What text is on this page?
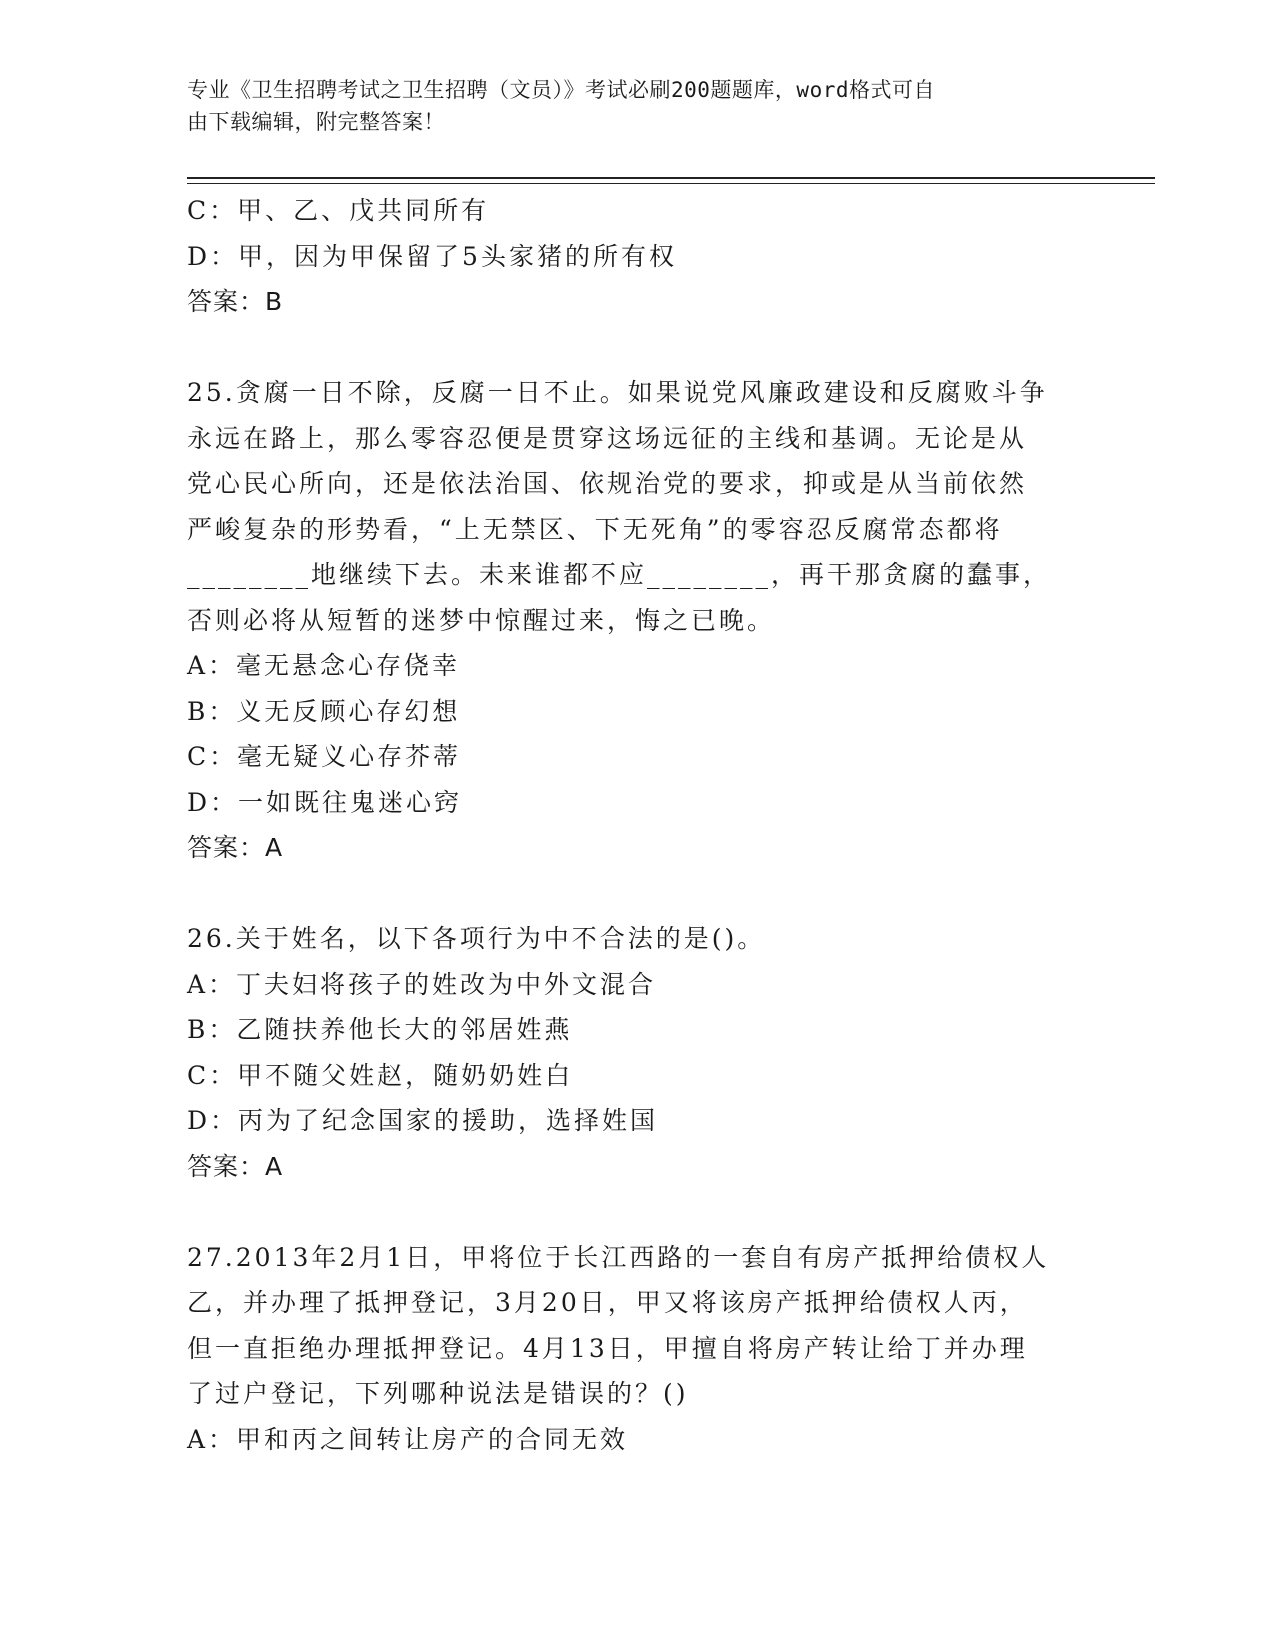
专业《卫生招聘考试之卫生招聘（文员）》考试必刷200题题库，word格式可自
由下载编辑，附完整答案！
C：甲、乙、戊共同所有
D：甲，因为甲保留了5头家猪的所有权
答案：B
25.贪腐一日不除，反腐一日不止。如果说党风廉政建设和反腐败斗争
永远在路上，那么零容忍便是贯穿这场远征的主线和基调。无论是从
党心民心所向，还是依法治国、依规治党的要求，抑或是从当前依然
严峻复杂的形势看，“上无禁区、下无死角”的零容忍反腐常态都将
________地继续下去。未来谁都不应________，再干那贪腐的蠢事，
否则必将从短暂的迷梦中惊醒过来，悔之已晚。
A：毫无悬念心存侥幸
B：义无反顾心存幻想
C：毫无疑义心存芥蒂
D：一如既往鬼迷心窍
答案：A
26.关于姓名，以下各项行为中不合法的是()。
A：丁夫妇将孩子的姓改为中外文混合
B：乙随扶养他长大的邻居姓燕
C：甲不随父姓赵，随奶奶姓白
D：丙为了纪念国家的援助，选择姓国
答案：A
27.2013年2月1日，甲将位于长江西路的一套自有房产抵押给债权人
乙，并办理了抵押登记，3月20日，甲又将该房产抵押给债权人丙，
但一直拒绝办理抵押登记。4月13日，甲擅自将房产转让给丁并办理
了过户登记，下列哪种说法是错误的？()
A：甲和丙之间转让房产的合同无效
